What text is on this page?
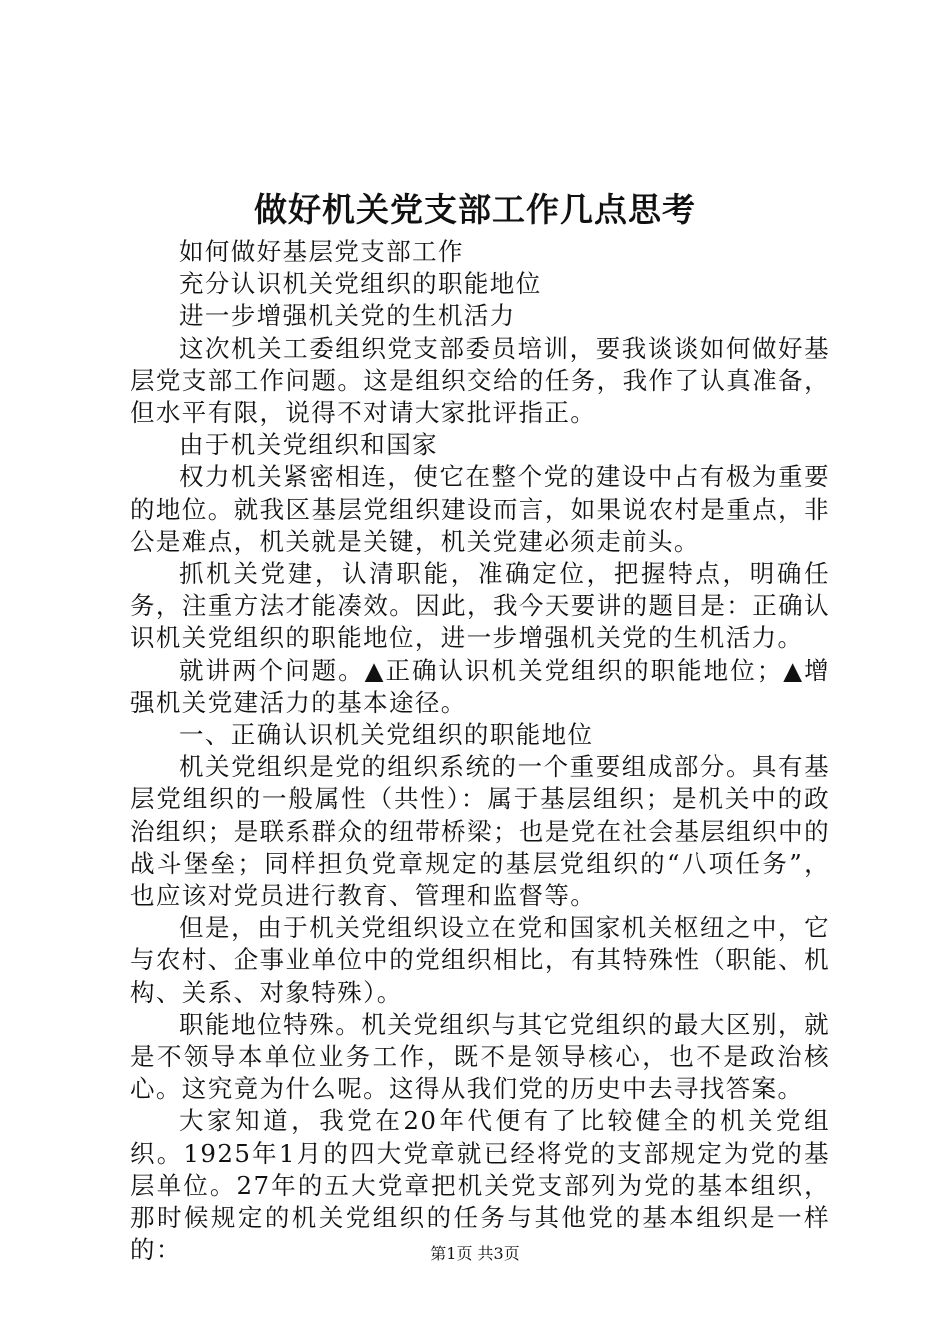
做好机关党支部工作几点思考

如何做好基层党支部工作

充分认识机关党组织的职能地位

进一步增强机关党的生机活力

这次机关工委组织党支部委员培训，要我谈谈如何做好基层党支部工作问题。这是组织交给的任务，我作了认真准备，但水平有限，说得不对请大家批评指正。

由于机关党组织和国家

权力机关紧密相连，使它在整个党的建设中占有极为重要的地位。就我区基层党组织建设而言，如果说农村是重点，非公是难点，机关就是关键，机关党建必须走前头。

抓机关党建，认清职能，准确定位，把握特点，明确任务，注重方法才能凑效。因此，我今天要讲的题目是：正确认识机关党组织的职能地位，进一步增强机关党的生机活力。

就讲两个问题。▲正确认识机关党组织的职能地位；▲增强机关党建活力的基本途径。

一、正确认识机关党组织的职能地位

机关党组织是党的组织系统的一个重要组成部分。具有基层党组织的一般属性（共性）：属于基层组织；是机关中的政治组织；是联系群众的纽带桥梁；也是党在社会基层组织中的战斗堡垒；同样担负党章规定的基层党组织的“八项任务”，也应该对党员进行教育、管理和监督等。

但是，由于机关党组织设立在党和国家机关枢纽之中，它与农村、企事业单位中的党组织相比，有其特殊性（职能、机构、关系、对象特殊）。

职能地位特殊。机关党组织与其它党组织的最大区别，就是不领导本单位业务工作，既不是领导核心，也不是政治核心。这究竟为什么呢。这得从我们党的历史中去寻找答案。

大家知道，我党在20年代便有了比较健全的机关党组织。1925年1月的四大党章就已经将党的支部规定为党的基层单位。27年的五大党章把机关党支部列为党的基本组织，那时候规定的机关党组织的任务与其他党的基本组织是一样的：	第1页 共3页
